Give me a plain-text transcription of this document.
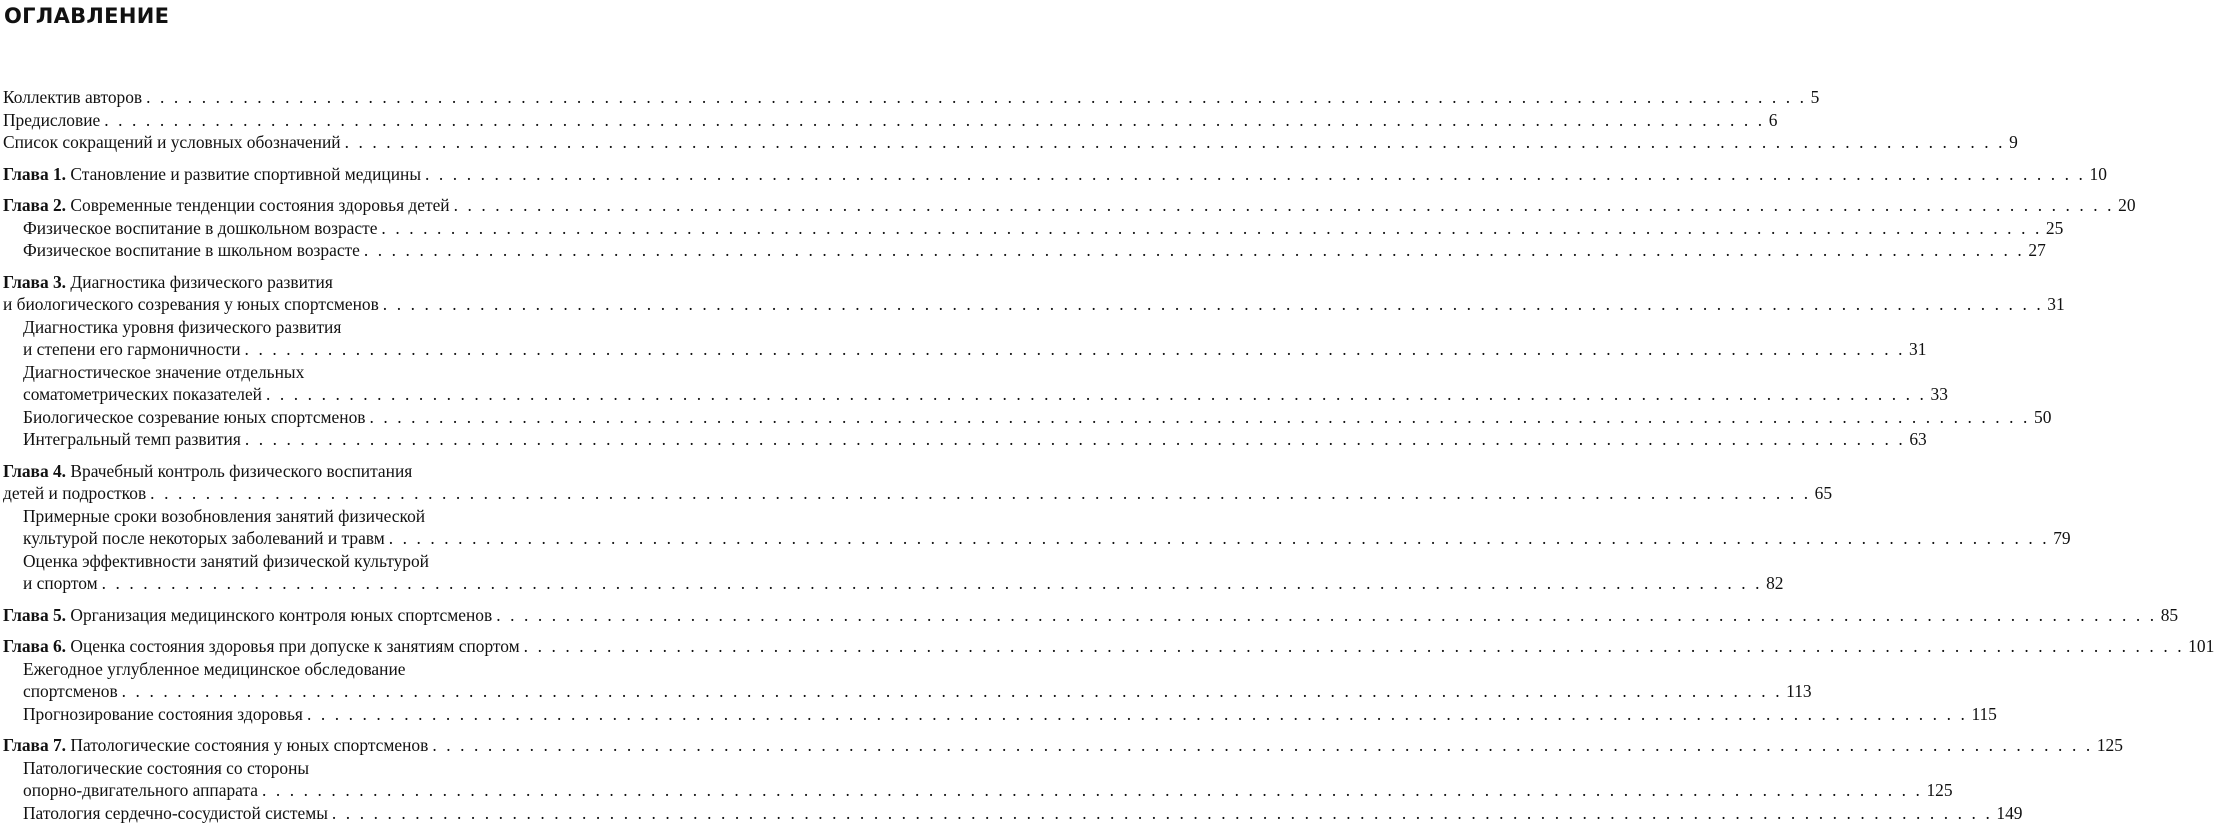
ОГЛАВЛЕНИЕ
Коллектив авторов . . . . . . . . . . . . . . . . . . . . . . . . . . . . . . . . . . . . . . . . . . . . . . . . . . . . . . . . . . . . . . . . . . . . . . . . . . . . . . . . . . . . . . . . . . . . . . . . . . . . . . . . . . . . . . . . . . . . . . . . 5
Предисловие . . . . . . . . . . . . . . . . . . . . . . . . . . . . . . . . . . . . . . . . . . . . . . . . . . . . . . . . . . . . . . . . . . . . . . . . . . . . . . . . . . . . . . . . . . . . . . . . . . . . . . . . . . . . . . . . . . . . . . . . 6
Список сокращений и условных обозначений . . . . . . . . . . . . . . . . . . . . . . . . . . . . . . . . . . . . . . . . . . . . . . . . . . . . . . . . . . . . . . . . . . . . . . . . . . . . . . . . . . . . . . . . . . . . . . . . . . . . . . . . . . . . . . . . . . . . . . . . 9
Глава 1. Становление и развитие спортивной медицины . . . . . . . . . . . . . . . . . . . . . . . . . . . . . . . . . . . . . . . . . . . . . . . . . . . . . . . . . . . . . . . . . . . . . . . . . . . . . . . . . . . . . . . . . . . . . . . . . . . . . . . . . . . . . . . . . . . . . . . . 10
Глава 2. Современные тенденции состояния здоровья детей . . . . . . . . . . . . . . . . . . . . . . . . . . . . . . . . . . . . . . . . . . . . . . . . . . . . . . . . . . . . . . . . . . . . . . . . . . . . . . . . . . . . . . . . . . . . . . . . . . . . . . . . . . . . . . . . . . . . . . . . 20
Физическое воспитание в дошкольном возрасте . . . . . . . . . . . . . . . . . . . . . . . . . . . . . . . . . . . . . . . . . . . . . . . . . . . . . . . . . . . . . . . . . . . . . . . . . . . . . . . . . . . . . . . . . . . . . . . . . . . . . . . . . . . . . . . . . . . . . . . . 25
Физическое воспитание в школьном возрасте . . . . . . . . . . . . . . . . . . . . . . . . . . . . . . . . . . . . . . . . . . . . . . . . . . . . . . . . . . . . . . . . . . . . . . . . . . . . . . . . . . . . . . . . . . . . . . . . . . . . . . . . . . . . . . . . . . . . . . . . 27
Глава 3. Диагностика физического развития
и биологического созревания у юных спортсменов . . . . . . . . . . . . . . . . . . . . . . . . . . . . . . . . . . . . . . . . . . . . . . . . . . . . . . . . . . . . . . . . . . . . . . . . . . . . . . . . . . . . . . . . . . . . . . . . . . . . . . . . . . . . . . . . . . . . . . . . 31
Диагностика уровня физического развития
и степени его гармоничности . . . . . . . . . . . . . . . . . . . . . . . . . . . . . . . . . . . . . . . . . . . . . . . . . . . . . . . . . . . . . . . . . . . . . . . . . . . . . . . . . . . . . . . . . . . . . . . . . . . . . . . . . . . . . . . . . . . . . . . . 31
Диагностическое значение отдельных
соматометрических показателей . . . . . . . . . . . . . . . . . . . . . . . . . . . . . . . . . . . . . . . . . . . . . . . . . . . . . . . . . . . . . . . . . . . . . . . . . . . . . . . . . . . . . . . . . . . . . . . . . . . . . . . . . . . . . . . . . . . . . . . . 33
Биологическое созревание юных спортсменов . . . . . . . . . . . . . . . . . . . . . . . . . . . . . . . . . . . . . . . . . . . . . . . . . . . . . . . . . . . . . . . . . . . . . . . . . . . . . . . . . . . . . . . . . . . . . . . . . . . . . . . . . . . . . . . . . . . . . . . . 50
Интегральный темп развития . . . . . . . . . . . . . . . . . . . . . . . . . . . . . . . . . . . . . . . . . . . . . . . . . . . . . . . . . . . . . . . . . . . . . . . . . . . . . . . . . . . . . . . . . . . . . . . . . . . . . . . . . . . . . . . . . . . . . . . . 63
Глава 4. Врачебный контроль физического воспитания
детей и подростков . . . . . . . . . . . . . . . . . . . . . . . . . . . . . . . . . . . . . . . . . . . . . . . . . . . . . . . . . . . . . . . . . . . . . . . . . . . . . . . . . . . . . . . . . . . . . . . . . . . . . . . . . . . . . . . . . . . . . . . . 65
Примерные сроки возобновления занятий физической
культурой после некоторых заболеваний и травм . . . . . . . . . . . . . . . . . . . . . . . . . . . . . . . . . . . . . . . . . . . . . . . . . . . . . . . . . . . . . . . . . . . . . . . . . . . . . . . . . . . . . . . . . . . . . . . . . . . . . . . . . . . . . . . . . . . . . . . . 79
Оценка эффективности занятий физической культурой
и спортом . . . . . . . . . . . . . . . . . . . . . . . . . . . . . . . . . . . . . . . . . . . . . . . . . . . . . . . . . . . . . . . . . . . . . . . . . . . . . . . . . . . . . . . . . . . . . . . . . . . . . . . . . . . . . . . . . . . . . . . . 82
Глава 5. Организация медицинского контроля юных спортсменов . . . . . . . . . . . . . . . . . . . . . . . . . . . . . . . . . . . . . . . . . . . . . . . . . . . . . . . . . . . . . . . . . . . . . . . . . . . . . . . . . . . . . . . . . . . . . . . . . . . . . . . . . . . . . . . . . . . . . . . . 85
Глава 6. Оценка состояния здоровья при допуске к занятиям спортом . . . . . . . . . . . . . . . . . . . . . . . . . . . . . . . . . . . . . . . . . . . . . . . . . . . . . . . . . . . . . . . . . . . . . . . . . . . . . . . . . . . . . . . . . . . . . . . . . . . . . . . . . . . . . . . . . . . . . . . . 101
Ежегодное углубленное медицинское обследование
спортсменов . . . . . . . . . . . . . . . . . . . . . . . . . . . . . . . . . . . . . . . . . . . . . . . . . . . . . . . . . . . . . . . . . . . . . . . . . . . . . . . . . . . . . . . . . . . . . . . . . . . . . . . . . . . . . . . . . . . . . . . . 113
Прогнозирование состояния здоровья . . . . . . . . . . . . . . . . . . . . . . . . . . . . . . . . . . . . . . . . . . . . . . . . . . . . . . . . . . . . . . . . . . . . . . . . . . . . . . . . . . . . . . . . . . . . . . . . . . . . . . . . . . . . . . . . . . . . . . . . 115
Глава 7. Патологические состояния у юных спортсменов . . . . . . . . . . . . . . . . . . . . . . . . . . . . . . . . . . . . . . . . . . . . . . . . . . . . . . . . . . . . . . . . . . . . . . . . . . . . . . . . . . . . . . . . . . . . . . . . . . . . . . . . . . . . . . . . . . . . . . . . 125
Патологические состояния со стороны
опорно-двигательного аппарата . . . . . . . . . . . . . . . . . . . . . . . . . . . . . . . . . . . . . . . . . . . . . . . . . . . . . . . . . . . . . . . . . . . . . . . . . . . . . . . . . . . . . . . . . . . . . . . . . . . . . . . . . . . . . . . . . . . . . . . . 125
Патология сердечно-сосудистой системы . . . . . . . . . . . . . . . . . . . . . . . . . . . . . . . . . . . . . . . . . . . . . . . . . . . . . . . . . . . . . . . . . . . . . . . . . . . . . . . . . . . . . . . . . . . . . . . . . . . . . . . . . . . . . . . . . . . . . . . . 149
